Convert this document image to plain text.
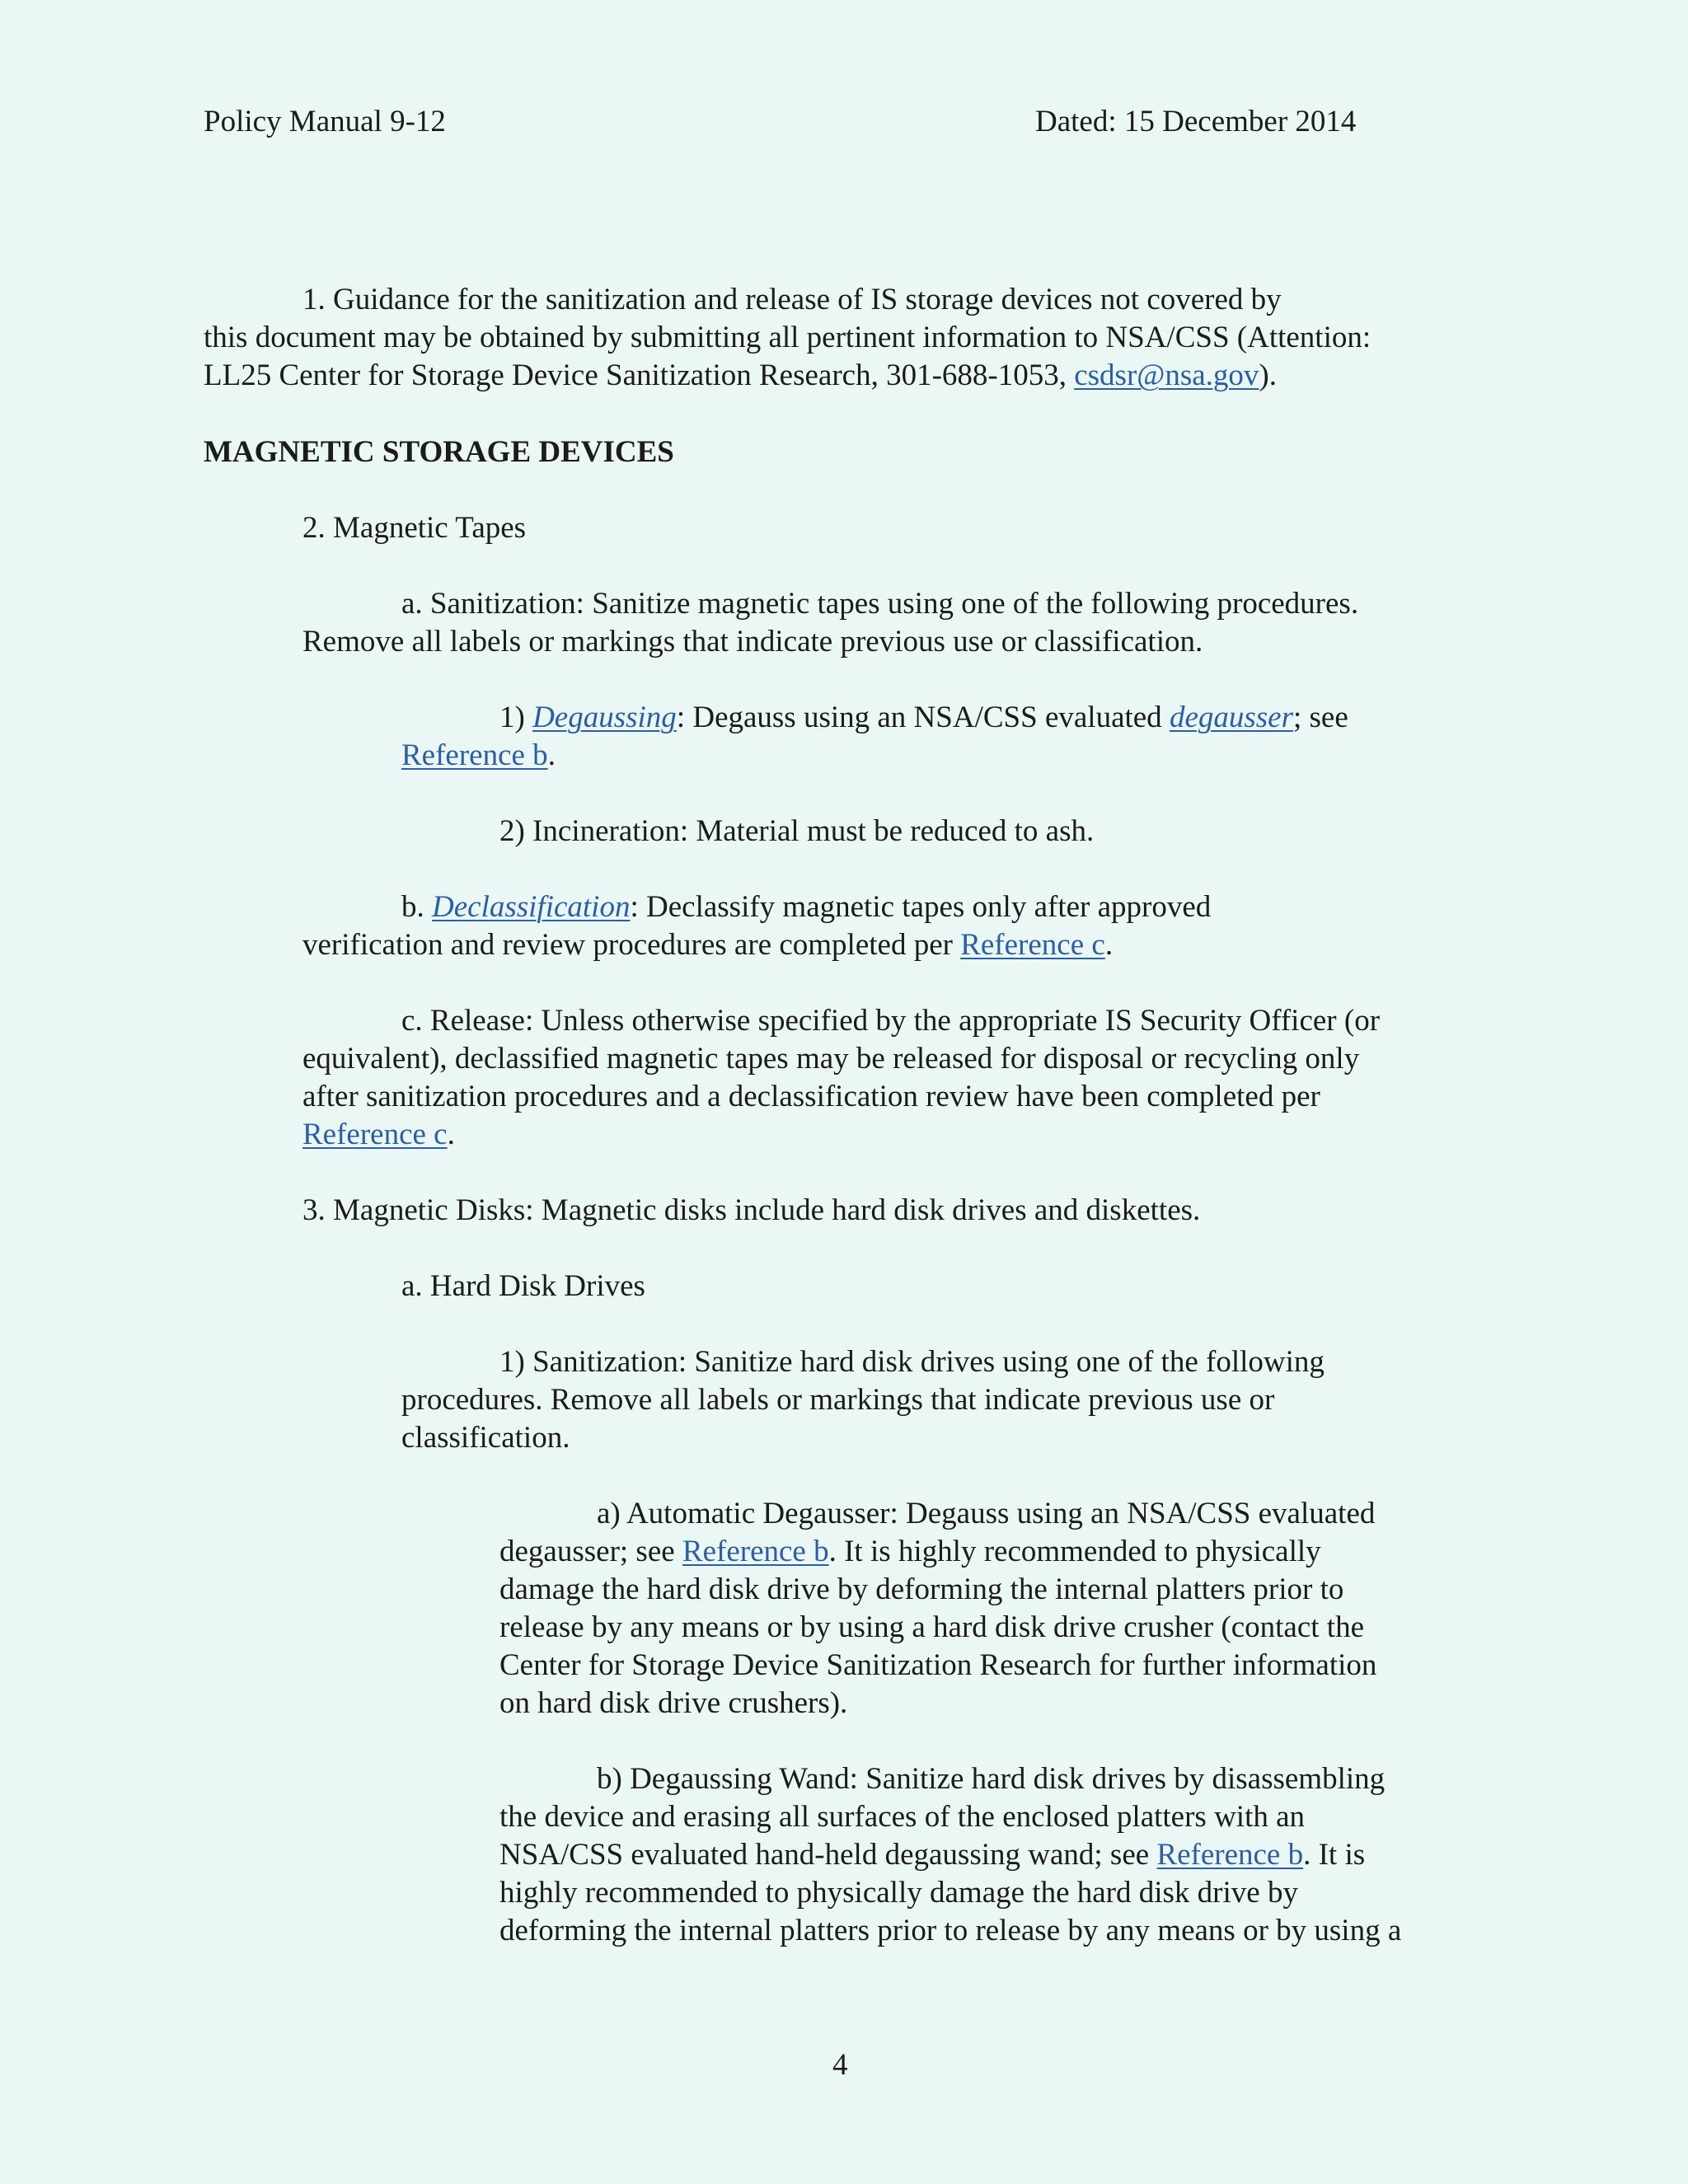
Policy Manual 9-12	Dated: 15 December 2014
1. Guidance for the sanitization and release of IS storage devices not covered by
this document may be obtained by submitting all pertinent information to NSA/CSS (Attention:
LL25 Center for Storage Device Sanitization Research, 301-688-1053, csdsr@nsa.gov).
MAGNETIC STORAGE DEVICES
2. Magnetic Tapes
a. Sanitization: Sanitize magnetic tapes using one of the following procedures.
Remove all labels or markings that indicate previous use or classification.
1) Degaussing: Degauss using an NSA/CSS evaluated degausser; see
Reference b.
2) Incineration: Material must be reduced to ash.
b. Declassification: Declassify magnetic tapes only after approved
verification and review procedures are completed per Reference c.
c. Release: Unless otherwise specified by the appropriate IS Security Officer (or
equivalent), declassified magnetic tapes may be released for disposal or recycling only
after sanitization procedures and a declassification review have been completed per
Reference c.
3. Magnetic Disks: Magnetic disks include hard disk drives and diskettes.
a. Hard Disk Drives
1) Sanitization: Sanitize hard disk drives using one of the following
procedures. Remove all labels or markings that indicate previous use or
classification.
a) Automatic Degausser: Degauss using an NSA/CSS evaluated
degausser; see Reference b. It is highly recommended to physically
damage the hard disk drive by deforming the internal platters prior to
release by any means or by using a hard disk drive crusher (contact the
Center for Storage Device Sanitization Research for further information
on hard disk drive crushers).
b) Degaussing Wand: Sanitize hard disk drives by disassembling
the device and erasing all surfaces of the enclosed platters with an
NSA/CSS evaluated hand-held degaussing wand; see Reference b. It is
highly recommended to physically damage the hard disk drive by
deforming the internal platters prior to release by any means or by using a
4
